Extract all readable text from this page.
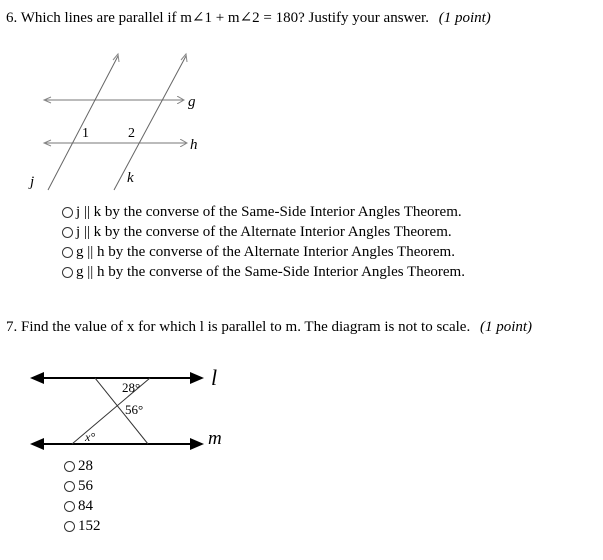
6. Which lines are parallel if m∠1 + m∠2 = 180? Justify your answer. (1 point)
g
h
j	k
1	2
j || k by the converse of the Same-Side Interior Angles Theorem.
j || k by the converse of the Alternate Interior Angles Theorem.
g || h by the converse of the Alternate Interior Angles Theorem.
g || h by the converse of the Same-Side Interior Angles Theorem.
7. Find the value of x for which l is parallel to m. The diagram is not to scale. (1 point)
l
m
28°
56°
x°
28
56
84
152
